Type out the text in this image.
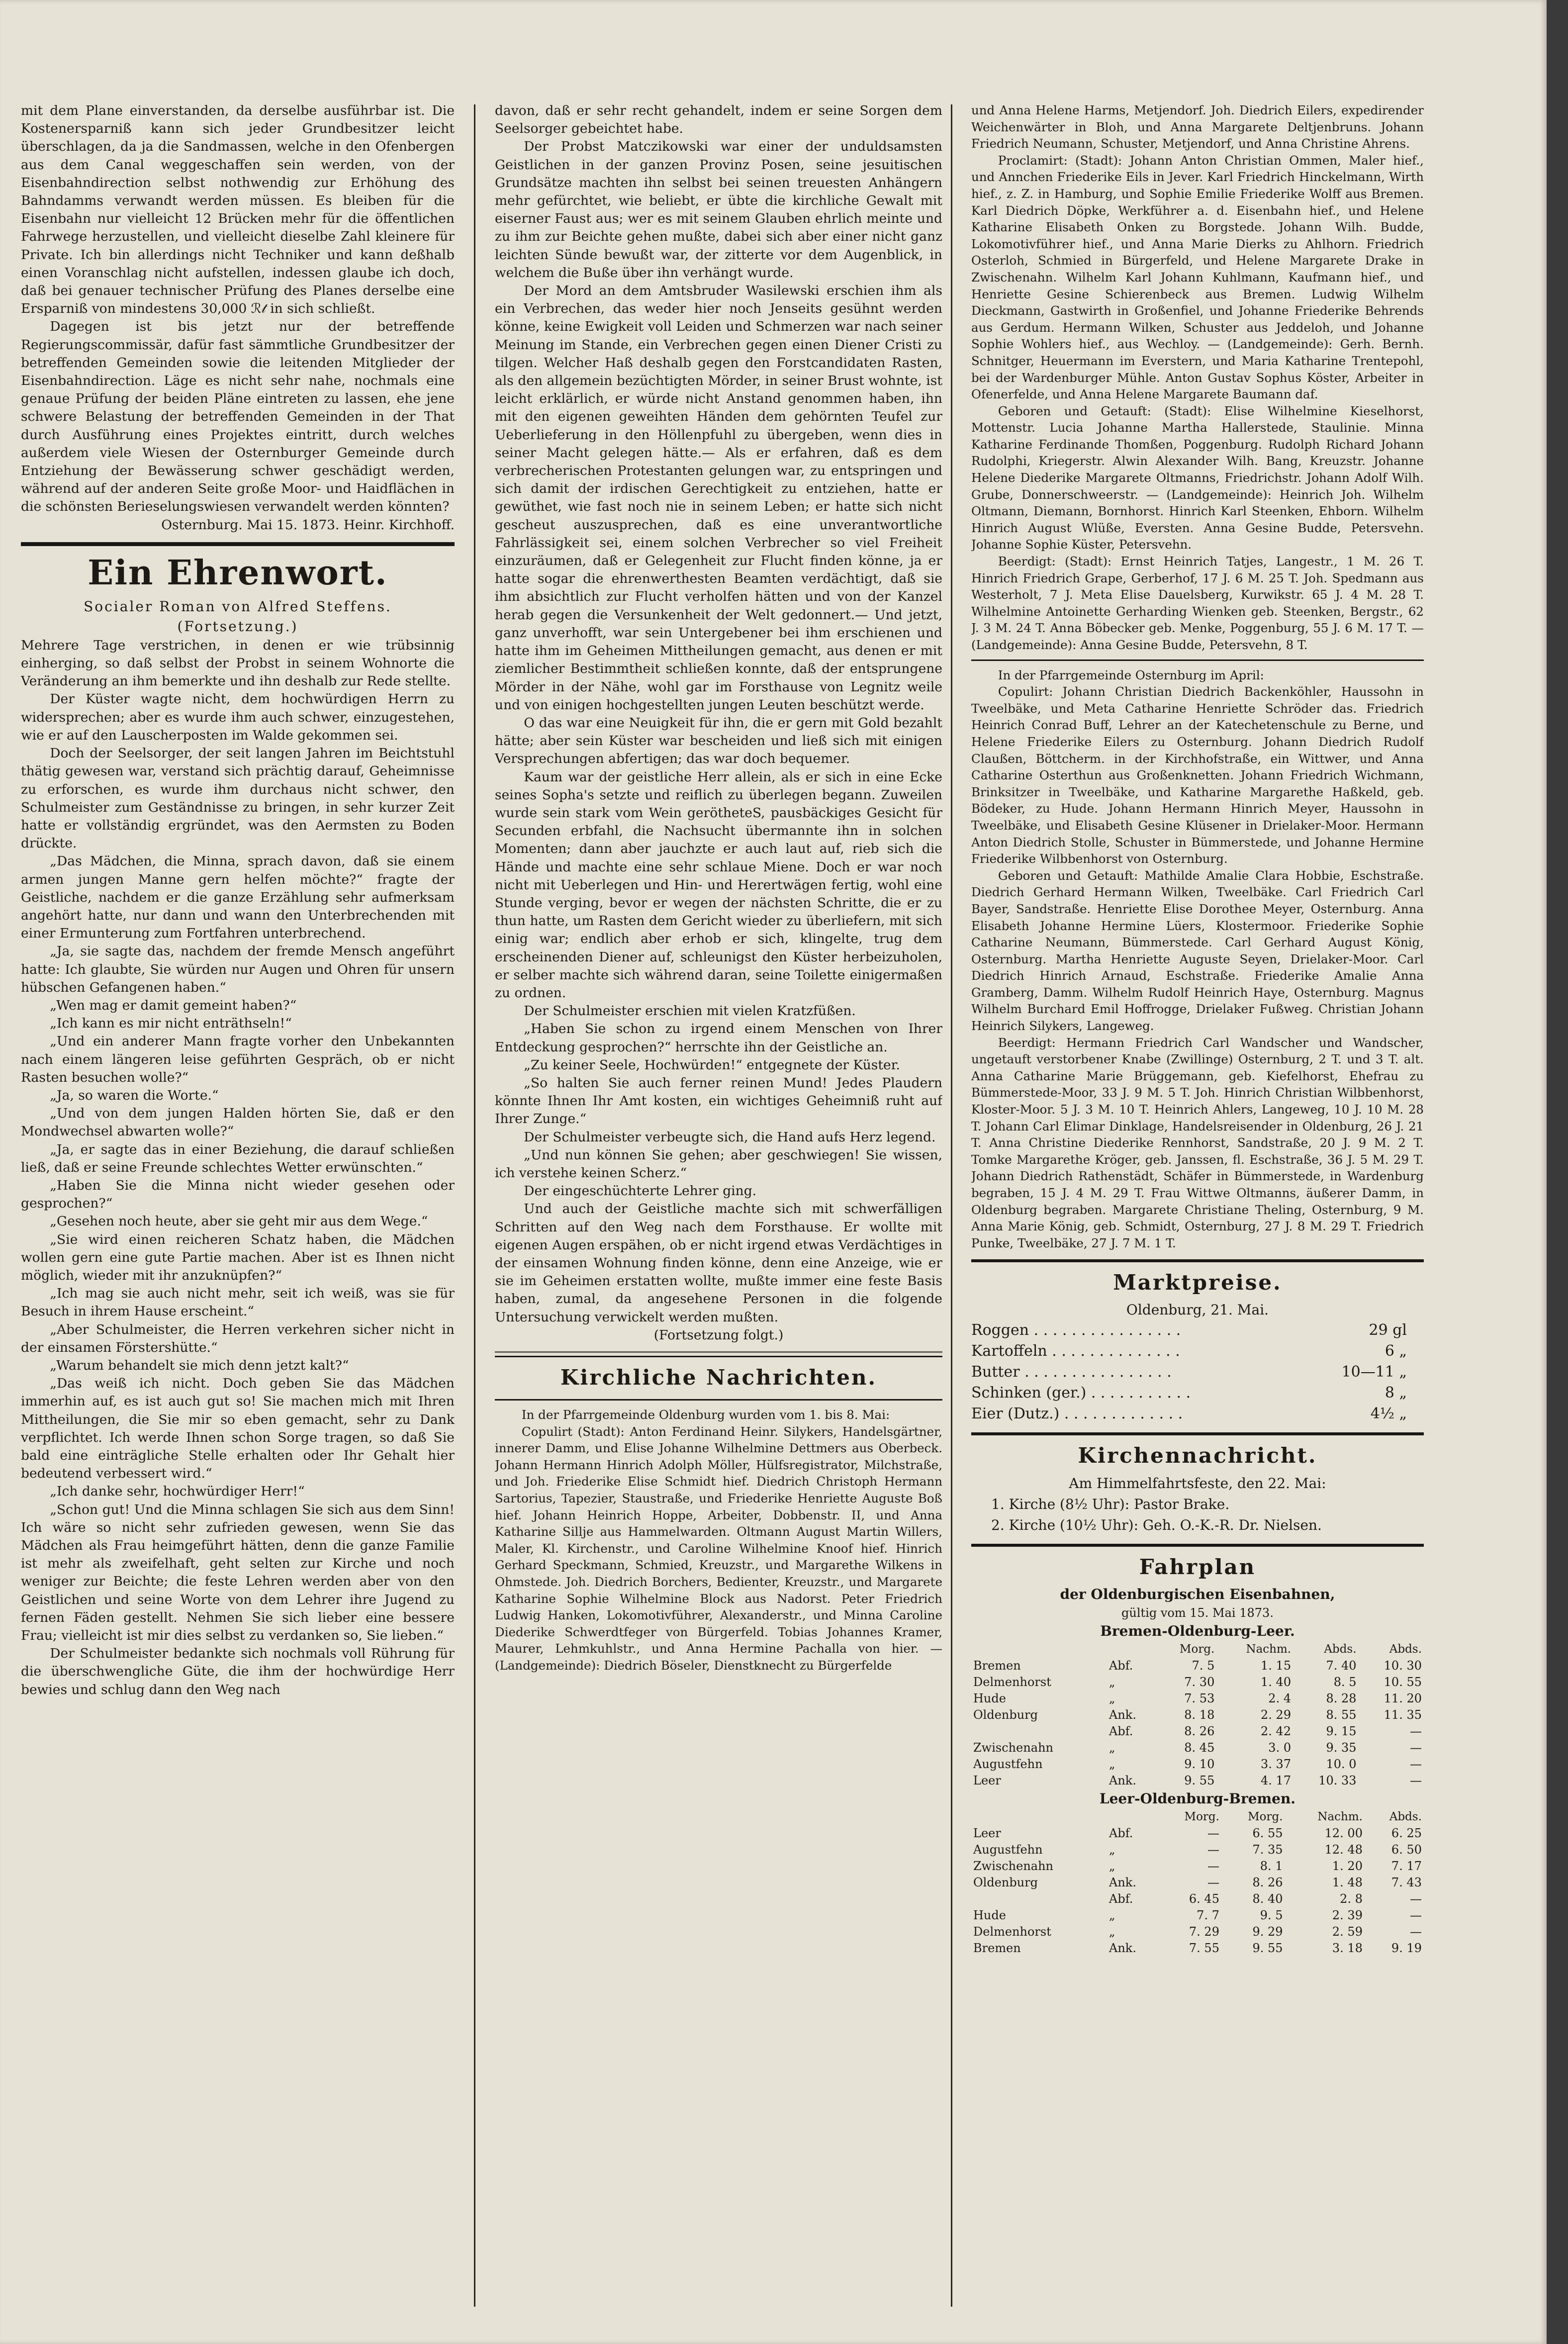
mit dem Plane einverstanden, da derselbe ausführbar ist. Die Kostenersparniß kann sich jeder Grundbesitzer leicht überschlagen, da ja die Sandmassen, welche in den Ofenbergen aus dem Canal weggeschaffen sein werden, von der Eisenbahndirection selbst nothwendig zur Erhöhung des Bahndamms verwandt werden müssen. Es bleiben für die Eisenbahn nur vielleicht 12 Brücken mehr für die öffentlichen Fahrwege herzustellen, und vielleicht dieselbe Zahl kleinere für Private. Ich bin allerdings nicht Techniker und kann deßhalb einen Voranschlag nicht aufstellen, indessen glaube ich doch, daß bei genauer technischer Prüfung des Planes derselbe eine Ersparniß von mindestens 30,000 ℛ𝓉 in sich schließt.

Dagegen ist bis jetzt nur der betreffende Regierungscommissär, dafür fast sämmtliche Grundbesitzer der betreffenden Gemeinden sowie die leitenden Mitglieder der Eisenbahndirection. Läge es nicht sehr nahe, nochmals eine genaue Prüfung der beiden Pläne eintreten zu lassen, ehe jene schwere Belastung der betreffenden Gemeinden in der That durch Ausführung eines Projektes eintritt, durch welches außerdem viele Wiesen der Osternburger Gemeinde durch Entziehung der Bewässerung schwer geschädigt werden, während auf der anderen Seite große Moor- und Haidflächen in die schönsten Berieselungswiesen verwandelt werden könnten?

Osternburg. Mai 15. 1873. Heinr. Kirchhoff.

Ein Ehrenwort.
Socialer Roman von Alfred Steffens.
(Fortsetzung.)

Mehrere Tage verstrichen, in denen er wie trübsinnig einherging, so daß selbst der Probst in seinem Wohnorte die Veränderung an ihm bemerkte und ihn deshalb zur Rede stellte.

Der Küster wagte nicht, dem hochwürdigen Herrn zu widersprechen; aber es wurde ihm auch schwer, einzugestehen, wie er auf den Lauscherposten im Walde gekommen sei.

Doch der Seelsorger, der seit langen Jahren im Beichtstuhl thätig gewesen war, verstand sich prächtig darauf, Geheimnisse zu erforschen, es wurde ihm durchaus nicht schwer, den Schulmeister zum Geständnisse zu bringen, in sehr kurzer Zeit hatte er vollständig ergründet, was den Aermsten zu Boden drückte.

„Das Mädchen, die Minna, sprach davon, daß sie einem armen jungen Manne gern helfen möchte?“ fragte der Geistliche, nachdem er die ganze Erzählung sehr aufmerksam angehört hatte, nur dann und wann den Unterbrechenden mit einer Ermunterung zum Fortfahren unterbrechend.

„Ja, sie sagte das, nachdem der fremde Mensch angeführt hatte: Ich glaubte, Sie würden nur Augen und Ohren für unsern hübschen Gefangenen haben.“

„Wen mag er damit gemeint haben?“

„Ich kann es mir nicht enträthseln!“

„Und ein anderer Mann fragte vorher den Unbekannten nach einem längeren leise geführten Gespräch, ob er nicht Rasten besuchen wolle?“

„Ja, so waren die Worte.“

„Und von dem jungen Halden hörten Sie, daß er den Mondwechsel abwarten wolle?“

„Ja, er sagte das in einer Beziehung, die darauf schließen ließ, daß er seine Freunde schlechtes Wetter erwünschten.“

„Haben Sie die Minna nicht wieder gesehen oder gesprochen?“

„Gesehen noch heute, aber sie geht mir aus dem Wege.“

„Sie wird einen reicheren Schatz haben, die Mädchen wollen gern eine gute Partie machen. Aber ist es Ihnen nicht möglich, wieder mit ihr anzuknüpfen?“

„Ich mag sie auch nicht mehr, seit ich weiß, was sie für Besuch in ihrem Hause erscheint.“

„Aber Schulmeister, die Herren verkehren sicher nicht in der einsamen Förstershütte.“

„Warum behandelt sie mich denn jetzt kalt?“

„Das weiß ich nicht. Doch geben Sie das Mädchen immerhin auf, es ist auch gut so! Sie machen mich mit Ihren Mittheilungen, die Sie mir so eben gemacht, sehr zu Dank verpflichtet. Ich werde Ihnen schon Sorge tragen, so daß Sie bald eine einträgliche Stelle erhalten oder Ihr Gehalt hier bedeutend verbessert wird.“

„Ich danke sehr, hochwürdiger Herr!“

„Schon gut! Und die Minna schlagen Sie sich aus dem Sinn! Ich wäre so nicht sehr zufrieden gewesen, wenn Sie das Mädchen als Frau heimgeführt hätten, denn die ganze Familie ist mehr als zweifelhaft, geht selten zur Kirche und noch weniger zur Beichte; die feste Lehren werden aber von den Geistlichen und seine Worte von dem Lehrer ihre Jugend zu fernen Fäden gestellt. Nehmen Sie sich lieber eine bessere Frau; vielleicht ist mir dies selbst zu verdanken so, Sie lieben.“

Der Schulmeister bedankte sich nochmals voll Rührung für die überschwengliche Güte, die ihm der hochwürdige Herr bewies und schlug dann den Weg nach

davon, daß er sehr recht gehandelt, indem er seine Sorgen dem Seelsorger gebeichtet habe.

Der Probst Matczikowski war einer der unduldsamsten Geistlichen in der ganzen Provinz Posen, seine jesuitischen Grundsätze machten ihn selbst bei seinen treuesten Anhängern mehr gefürchtet, wie beliebt, er übte die kirchliche Gewalt mit eiserner Faust aus; wer es mit seinem Glauben ehrlich meinte und zu ihm zur Beichte gehen mußte, dabei sich aber einer nicht ganz leichten Sünde bewußt war, der zitterte vor dem Augenblick, in welchem die Buße über ihn verhängt wurde.

Der Mord an dem Amtsbruder Wasilewski erschien ihm als ein Verbrechen, das weder hier noch Jenseits gesühnt werden könne, keine Ewigkeit voll Leiden und Schmerzen war nach seiner Meinung im Stande, ein Verbrechen gegen einen Diener Cristi zu tilgen. Welcher Haß deshalb gegen den Forstcandidaten Rasten, als den allgemein bezüchtigten Mörder, in seiner Brust wohnte, ist leicht erklärlich, er würde nicht Anstand genommen haben, ihn mit den eigenen geweihten Händen dem gehörnten Teufel zur Ueberlieferung in den Höllenpfuhl zu übergeben, wenn dies in seiner Macht gelegen hätte.— Als er erfahren, daß es dem verbrecherischen Protestanten gelungen war, zu entspringen und sich damit der irdischen Gerechtigkeit zu entziehen, hatte er gewüthet, wie fast noch nie in seinem Leben; er hatte sich nicht gescheut auszusprechen, daß es eine unverantwortliche Fahrlässigkeit sei, einem solchen Verbrecher so viel Freiheit einzuräumen, daß er Gelegenheit zur Flucht finden könne, ja er hatte sogar die ehrenwerthesten Beamten verdächtigt, daß sie ihm absichtlich zur Flucht verholfen hätten und von der Kanzel herab gegen die Versunkenheit der Welt gedonnert.— Und jetzt, ganz unverhofft, war sein Untergebener bei ihm erschienen und hatte ihm im Geheimen Mittheilungen gemacht, aus denen er mit ziemlicher Bestimmtheit schließen konnte, daß der entsprungene Mörder in der Nähe, wohl gar im Forsthause von Legnitz weile und von einigen hochgestellten jungen Leuten beschützt werde.

O das war eine Neuigkeit für ihn, die er gern mit Gold bezahlt hätte; aber sein Küster war bescheiden und ließ sich mit einigen Versprechungen abfertigen; das war doch bequemer.

Kaum war der geistliche Herr allein, als er sich in eine Ecke seines Sopha's setzte und reiflich zu überlegen begann. Zuweilen wurde sein stark vom Wein gerötheteS, pausbäckiges Gesicht für Secunden erbfahl, die Nachsucht übermannte ihn in solchen Momenten; dann aber jauchzte er auch laut auf, rieb sich die Hände und machte eine sehr schlaue Miene. Doch er war noch nicht mit Ueberlegen und Hin- und Herertwägen fertig, wohl eine Stunde verging, bevor er wegen der nächsten Schritte, die er zu thun hatte, um Rasten dem Gericht wieder zu überliefern, mit sich einig war; endlich aber erhob er sich, klingelte, trug dem erscheinenden Diener auf, schleunigst den Küster herbeizuholen, er selber machte sich während daran, seine Toilette einigermaßen zu ordnen.

Der Schulmeister erschien mit vielen Kratzfüßen.

„Haben Sie schon zu irgend einem Menschen von Ihrer Entdeckung gesprochen?“ herrschte ihn der Geistliche an.

„Zu keiner Seele, Hochwürden!“ entgegnete der Küster.

„So halten Sie auch ferner reinen Mund! Jedes Plaudern könnte Ihnen Ihr Amt kosten, ein wichtiges Geheimniß ruht auf Ihrer Zunge.“

Der Schulmeister verbeugte sich, die Hand aufs Herz legend.

„Und nun können Sie gehen; aber geschwiegen! Sie wissen, ich verstehe keinen Scherz.“

Der eingeschüchterte Lehrer ging.

Und auch der Geistliche machte sich mit schwerfälligen Schritten auf den Weg nach dem Forsthause. Er wollte mit eigenen Augen erspähen, ob er nicht irgend etwas Verdächtiges in der einsamen Wohnung finden könne, denn eine Anzeige, wie er sie im Geheimen erstatten wollte, mußte immer eine feste Basis haben, zumal, da angesehene Personen in die folgende Untersuchung verwickelt werden mußten.

(Fortsetzung folgt.)

Kirchliche Nachrichten.

In der Pfarrgemeinde Oldenburg wurden vom 1. bis 8. Mai:

Copulirt (Stadt): Anton Ferdinand Heinr. Silykers, Handelsgärtner, innerer Damm, und Elise Johanne Wilhelmine Dettmers aus Oberbeck. Johann Hermann Hinrich Adolph Möller, Hülfsregistrator, Milchstraße, und Joh. Friederike Elise Schmidt hief. Diedrich Christoph Hermann Sartorius, Tapezier, Staustraße, und Friederike Henriette Auguste Boß hief. Johann Heinrich Hoppe, Arbeiter, Dobbenstr. II, und Anna Katharine Sillje aus Hammelwarden. Oltmann August Martin Willers, Maler, Kl. Kirchenstr., und Caroline Wilhelmine Knoof hief. Hinrich Gerhard Speckmann, Schmied, Kreuzstr., und Margarethe Wilkens in Ohmstede. Joh. Diedrich Borchers, Bedienter, Kreuzstr., und Margarete Katharine Sophie Wilhelmine Block aus Nadorst. Peter Friedrich Ludwig Hanken, Lokomotivführer, Alexanderstr., und Minna Caroline Diederike Schwerdtfeger von Bürgerfeld. Tobias Johannes Kramer, Maurer, Lehmkuhlstr., und Anna Hermine Pachalla von hier. — (Landgemeinde): Diedrich Böseler, Dienstknecht zu Bürgerfelde

und Anna Helene Harms, Metjendorf. Joh. Diedrich Eilers, expedirender Weichenwärter in Bloh, und Anna Margarete Deltjenbruns. Johann Friedrich Neumann, Schuster, Metjendorf, und Anna Christine Ahrens.

Proclamirt: (Stadt): Johann Anton Christian Ommen, Maler hief., und Annchen Friederike Eils in Jever. Karl Friedrich Hinckelmann, Wirth hief., z. Z. in Hamburg, und Sophie Emilie Friederike Wolff aus Bremen. Karl Diedrich Döpke, Werkführer a. d. Eisenbahn hief., und Helene Katharine Elisabeth Onken zu Borgstede. Johann Wilh. Budde, Lokomotivführer hief., und Anna Marie Dierks zu Ahlhorn. Friedrich Osterloh, Schmied in Bürgerfeld, und Helene Margarete Drake in Zwischenahn. Wilhelm Karl Johann Kuhlmann, Kaufmann hief., und Henriette Gesine Schierenbeck aus Bremen. Ludwig Wilhelm Dieckmann, Gastwirth in Großenfiel, und Johanne Friederike Behrends aus Gerdum. Hermann Wilken, Schuster aus Jeddeloh, und Johanne Sophie Wohlers hief., aus Wechloy. — (Landgemeinde): Gerh. Bernh. Schnitger, Heuermann im Everstern, und Maria Katharine Trentepohl, bei der Wardenburger Mühle. Anton Gustav Sophus Köster, Arbeiter in Ofenerfelde, und Anna Helene Margarete Baumann daf.

Geboren und Getauft: (Stadt): Elise Wilhelmine Kieselhorst, Mottenstr. Lucia Johanne Martha Hallerstede, Staulinie. Minna Katharine Ferdinande Thomßen, Poggenburg. Rudolph Richard Johann Rudolphi, Kriegerstr. Alwin Alexander Wilh. Bang, Kreuzstr. Johanne Helene Diederike Margarete Oltmanns, Friedrichstr. Johann Adolf Wilh. Grube, Donnerschweerstr. — (Landgemeinde): Heinrich Joh. Wilhelm Oltmann, Diemann, Bornhorst. Hinrich Karl Steenken, Ehborn. Wilhelm Hinrich August Wlüße, Eversten. Anna Gesine Budde, Petersvehn. Johanne Sophie Küster, Petersvehn.

Beerdigt: (Stadt): Ernst Heinrich Tatjes, Langestr., 1 M. 26 T. Hinrich Friedrich Grape, Gerberhof, 17 J. 6 M. 25 T. Joh. Spedmann aus Westerholt, 7 J. Meta Elise Dauelsberg, Kurwikstr. 65 J. 4 M. 28 T. Wilhelmine Antoinette Gerharding Wienken geb. Steenken, Bergstr., 62 J. 3 M. 24 T. Anna Böbecker geb. Menke, Poggenburg, 55 J. 6 M. 17 T. — (Landgemeinde): Anna Gesine Budde, Petersvehn, 8 T.

In der Pfarrgemeinde Osternburg im April:

Copulirt: Johann Christian Diedrich Backenköhler, Haussohn in Tweelbäke, und Meta Catharine Henriette Schröder das. Friedrich Heinrich Conrad Buff, Lehrer an der Katechetenschule zu Berne, und Helene Friederike Eilers zu Osternburg. Johann Diedrich Rudolf Claußen, Böttcherm. in der Kirchhofstraße, ein Wittwer, und Anna Catharine Osterthun aus Großenknetten. Johann Friedrich Wichmann, Brinksitzer in Tweelbäke, und Katharine Margarethe Haßkeld, geb. Bödeker, zu Hude. Johann Hermann Hinrich Meyer, Haussohn in Tweelbäke, und Elisabeth Gesine Klüsener in Drielaker-Moor. Hermann Anton Diedrich Stolle, Schuster in Bümmerstede, und Johanne Hermine Friederike Wilbbenhorst von Osternburg.

Geboren und Getauft: Mathilde Amalie Clara Hobbie, Eschstraße. Diedrich Gerhard Hermann Wilken, Tweelbäke. Carl Friedrich Carl Bayer, Sandstraße. Henriette Elise Dorothee Meyer, Osternburg. Anna Elisabeth Johanne Hermine Lüers, Klostermoor. Friederike Sophie Catharine Neumann, Bümmerstede. Carl Gerhard August König, Osternburg. Martha Henriette Auguste Seyen, Drielaker-Moor. Carl Diedrich Hinrich Arnaud, Eschstraße. Friederike Amalie Anna Gramberg, Damm. Wilhelm Rudolf Heinrich Haye, Osternburg. Magnus Wilhelm Burchard Emil Hoffrogge, Drielaker Fußweg. Christian Johann Heinrich Silykers, Langeweg.

Beerdigt: Hermann Friedrich Carl Wandscher und Wandscher, ungetauft verstorbener Knabe (Zwillinge) Osternburg, 2 T. und 3 T. alt. Anna Catharine Marie Brüggemann, geb. Kiefelhorst, Ehefrau zu Bümmerstede-Moor, 33 J. 9 M. 5 T. Joh. Hinrich Christian Wilbbenhorst, Kloster-Moor. 5 J. 3 M. 10 T. Heinrich Ahlers, Langeweg, 10 J. 10 M. 28 T. Johann Carl Elimar Dinklage, Handelsreisender in Oldenburg, 26 J. 21 T. Anna Christine Diederike Rennhorst, Sandstraße, 20 J. 9 M. 2 T. Tomke Margarethe Kröger, geb. Janssen, fl. Eschstraße, 36 J. 5 M. 29 T. Johann Diedrich Rathenstädt, Schäfer in Bümmerstede, in Wardenburg begraben, 15 J. 4 M. 29 T. Frau Wittwe Oltmanns, äußerer Damm, in Oldenburg begraben. Margarete Christiane Theling, Osternburg, 9 M. Anna Marie König, geb. Schmidt, Osternburg, 27 J. 8 M. 29 T. Friedrich Punke, Tweelbäke, 27 J. 7 M. 1 T.

Marktpreise.
Oldenburg, 21. Mai.
Roggen . . . . . . . . . . . . . . . .	29 gl
Kartoffeln . . . . . . . . . . . . . .	6 „
Butter . . . . . . . . . . . . . . . .	10—11 „
Schinken (ger.) . . . . . . . . . . .	8 „
Eier (Dutz.) . . . . . . . . . . . . .	4½ „
Kirchennachricht.
Am Himmelfahrtsfeste, den 22. Mai:
1. Kirche (8½ Uhr): Pastor Brake.
2. Kirche (10½ Uhr): Geh. O.-K.-R. Dr. Nielsen.
Fahrplan
der Oldenburgischen Eisenbahnen,
gültig vom 15. Mai 1873.
Bremen-Oldenburg-Leer.
		Morg.	Nachm.	Abds.	Abds.
Bremen	Abf.	7. 5	1. 15	7. 40	10. 30
Delmenhorst	„	7. 30	1. 40	8. 5	10. 55
Hude	„	7. 53	2. 4	8. 28	11. 20
Oldenburg	Ank.	8. 18	2. 29	8. 55	11. 35
	Abf.	8. 26	2. 42	9. 15	—
Zwischenahn	„	8. 45	3. 0	9. 35	—
Augustfehn	„	9. 10	3. 37	10. 0	—
Leer	Ank.	9. 55	4. 17	10. 33	—
Leer-Oldenburg-Bremen.
		Morg.	Morg.	Nachm.	Abds.
Leer	Abf.	—	6. 55	12. 00	6. 25
Augustfehn	„	—	7. 35	12. 48	6. 50
Zwischenahn	„	—	8. 1	1. 20	7. 17
Oldenburg	Ank.	—	8. 26	1. 48	7. 43
	Abf.	6. 45	8. 40	2. 8	—
Hude	„	7. 7	9. 5	2. 39	—
Delmenhorst	„	7. 29	9. 29	2. 59	—
Bremen	Ank.	7. 55	9. 55	3. 18	9. 19
